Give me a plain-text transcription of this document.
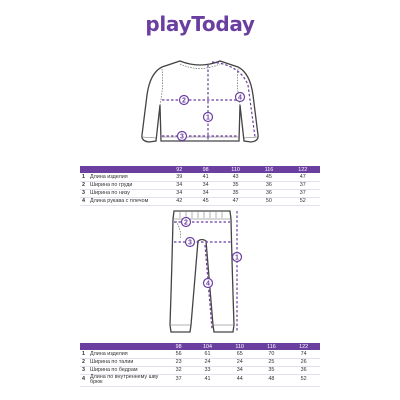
playToday
1
2
3
4
		92	98	110	116	122
1	Длина изделия	39	41	43	45	47
2	Ширина по груди	34	34	35	36	37
3	Ширина по низу	34	34	35	36	37
4	Длина рукава с плечом	42	45	47	50	52
1
2
3
4
		98	104	110	116	122
1	Длина изделия	56	61	65	70	74
2	Ширина по талии	23	24	24	25	26
3	Ширина по бедрам	32	33	34	35	36
4	Длина по внутреннему шву брюк	37	41	44	48	52
